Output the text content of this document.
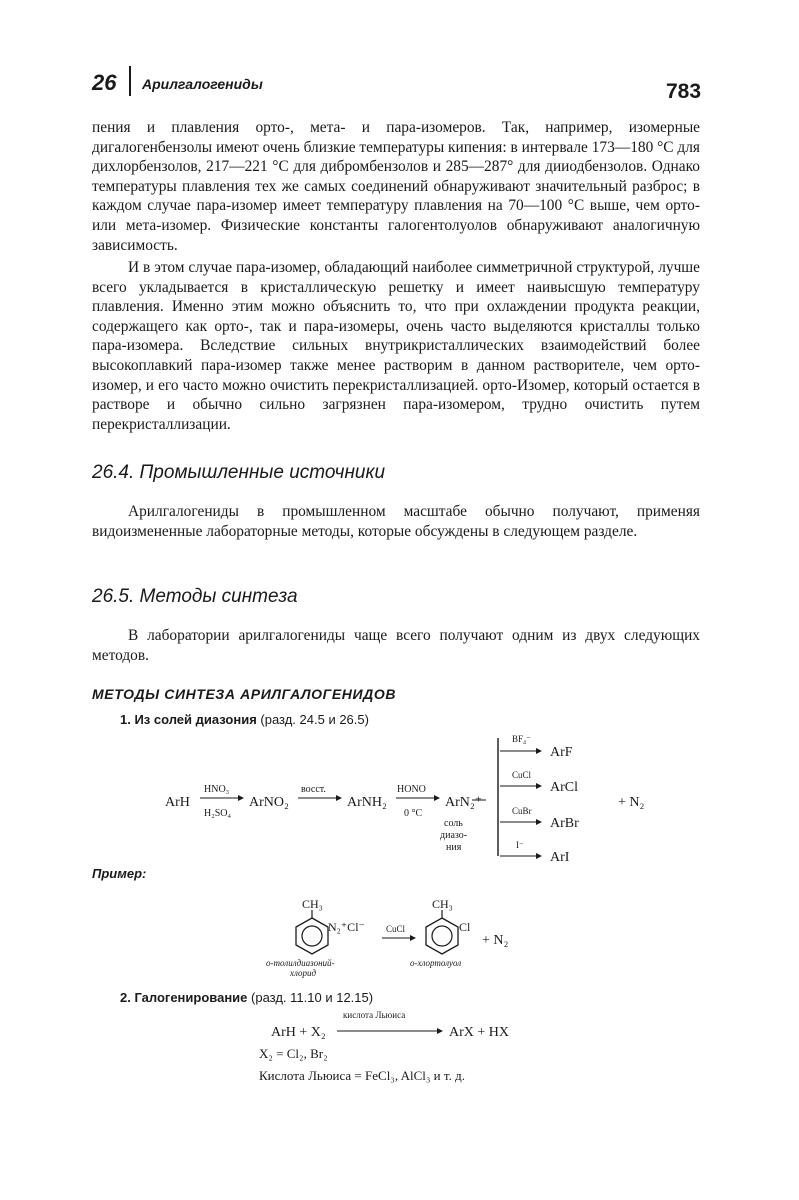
26 Арилгалогениды	783
пения и плавления орто-, мета- и пара-изомеров. Так, например, изомерные дигалогенбензолы имеют очень близкие температуры кипения: в интервале 173—180 °С для дихлорбензолов, 217—221 °С для дибромбензолов и 285—287° для дииодбензолов. Однако температуры плавления тех же самых соединений обнаруживают значительный разброс; в каждом случае пара-изомер имеет температуру плавления на 70—100 °С выше, чем орто- или мета-изомер. Физические константы галогентолуолов обнаруживают аналогичную зависимость.
И в этом случае пара-изомер, обладающий наиболее симметричной структурой, лучше всего укладывается в кристаллическую решетку и имеет наивысшую температуру плавления. Именно этим можно объяснить то, что при охлаждении продукта реакции, содержащего как орто-, так и пара-изомеры, очень часто выделяются кристаллы только пара-изомера. Вследствие сильных внутрикристаллических взаимодействий более высокоплавкий пара-изомер также менее растворим в данном растворителе, чем орто-изомер, и его часто можно очистить перекристаллизацией. орто-Изомер, который остается в растворе и обычно сильно загрязнен пара-изомером, трудно очистить путем перекристаллизации.
26.4. Промышленные источники
Арилгалогениды в промышленном масштабе обычно получают, применяя видоизмененные лабораторные методы, которые обсуждены в следующем разделе.
26.5. Методы синтеза
В лаборатории арилгалогениды чаще всего получают одним из двух следующих методов.
МЕТОДЫ СИНТЕЗА АРИЛГАЛОГЕНИДОВ
1. Из солей диазония (разд. 24.5 и 26.5)
ArH
HNO₃
H₂SO₄
ArNO₂
восст.
ArNH₂
HONO
0 °C
ArN₂⁺
соль
диазо-
ния
BF₄⁻
ArF
CuCl
ArCl
CuBr
ArBr
I⁻
ArI
+ N₂
Пример:
CH₃
N₂⁺Cl⁻ CuCl
CH₃
Cl
+ N₂
о-толилдиазоний-
хлорид
о-хлортолуол
2. Галогенирование (разд. 11.10 и 12.15)
кислота Льюиса
ArH + X₂	ArX + HX
X₂ = Cl₂, Br₂
Кислота Льюиса = FeCl₃, AlCl₃ и т. д.
